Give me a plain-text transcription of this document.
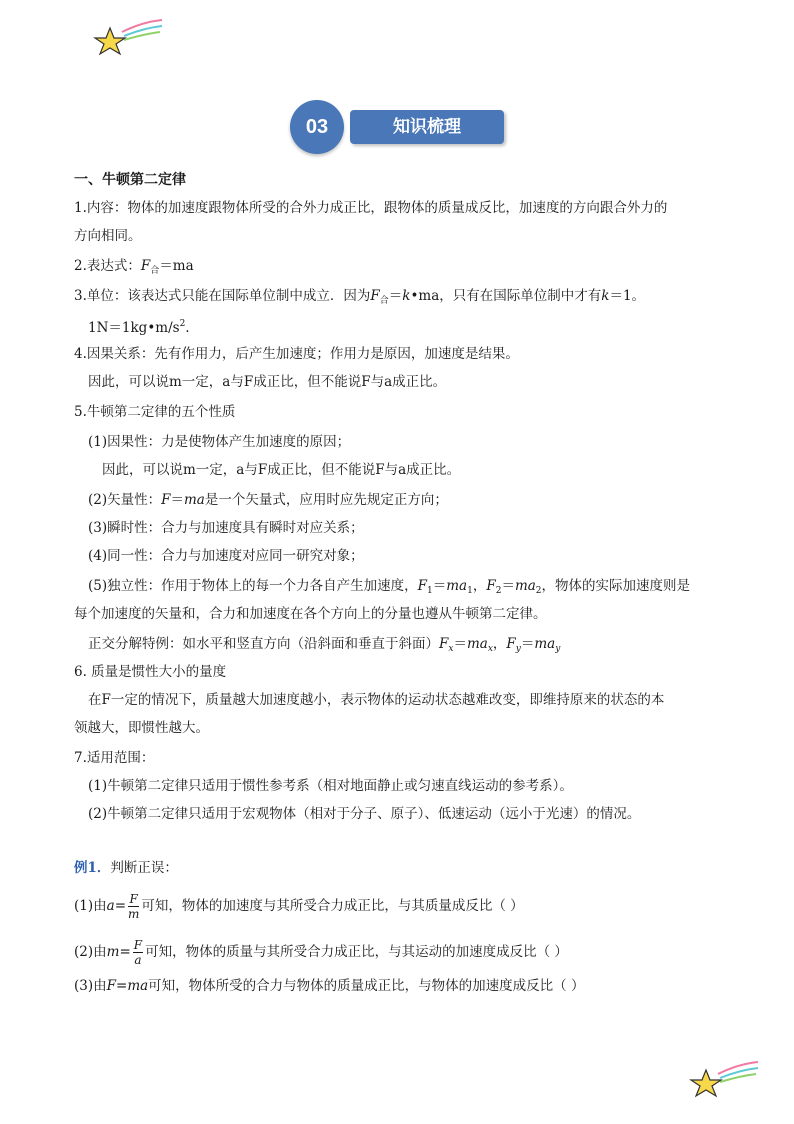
03	知识梳理
一、牛顿第二定律
1.内容：物体的加速度跟物体所受的合外力成正比，跟物体的质量成反比，加速度的方向跟合外力的
方向相同。
2.表达式：$F_合=ma$
3.单位：该表达式只能在国际单位制中成立．因为$F_合=k•ma$，只有在国际单位制中才有k＝1。
$1N=1kg•m/s^2$.
4.因果关系：先有作用力，后产生加速度；作用力是原因，加速度是结果。
因此，可以说m一定，a与F成正比，但不能说F与a成正比。
5.牛顿第二定律的五个性质
(1)因果性：力是使物体产生加速度的原因；
因此，可以说m一定，a与F成正比，但不能说F与a成正比。
(2)矢量性：F＝ma是一个矢量式，应用时应先规定正方向；
(3)瞬时性：合力与加速度具有瞬时对应关系；
(4)同一性：合力与加速度对应同一研究对象；
(5)独立性：作用于物体上的每一个力各自产生加速度，$F_1=ma_1$，$F_2=ma_2$，物体的实际加速度则是
每个加速度的矢量和，合力和加速度在各个方向上的分量也遵从牛顿第二定律。
正交分解特例：如水平和竖直方向（沿斜面和垂直于斜面）$F_x=ma_x$，$F_y=ma_y$
6. 质量是惯性大小的量度
在F一定的情况下，质量越大加速度越小，表示物体的运动状态越难改变，即维持原来的状态的本
领越大，即惯性越大。
7.适用范围：
(1)牛顿第二定律只适用于惯性参考系（相对地面静止或匀速直线运动的参考系）。
(2)牛顿第二定律只适用于宏观物体（相对于分子、原子）、低速运动（远小于光速）的情况。
例1．判断正误：
(1)由$a= \frac{F}{m}$ 可知，物体的加速度与其所受合力成正比，与其质量成反比（ ）
(2)由$m= \frac{F}{a}$ 可知，物体的质量与其所受合力成正比，与其运动的加速度成反比（ ）
(3)由F=ma可知，物体所受的合力与物体的质量成正比，与物体的加速度成反比（ ）
